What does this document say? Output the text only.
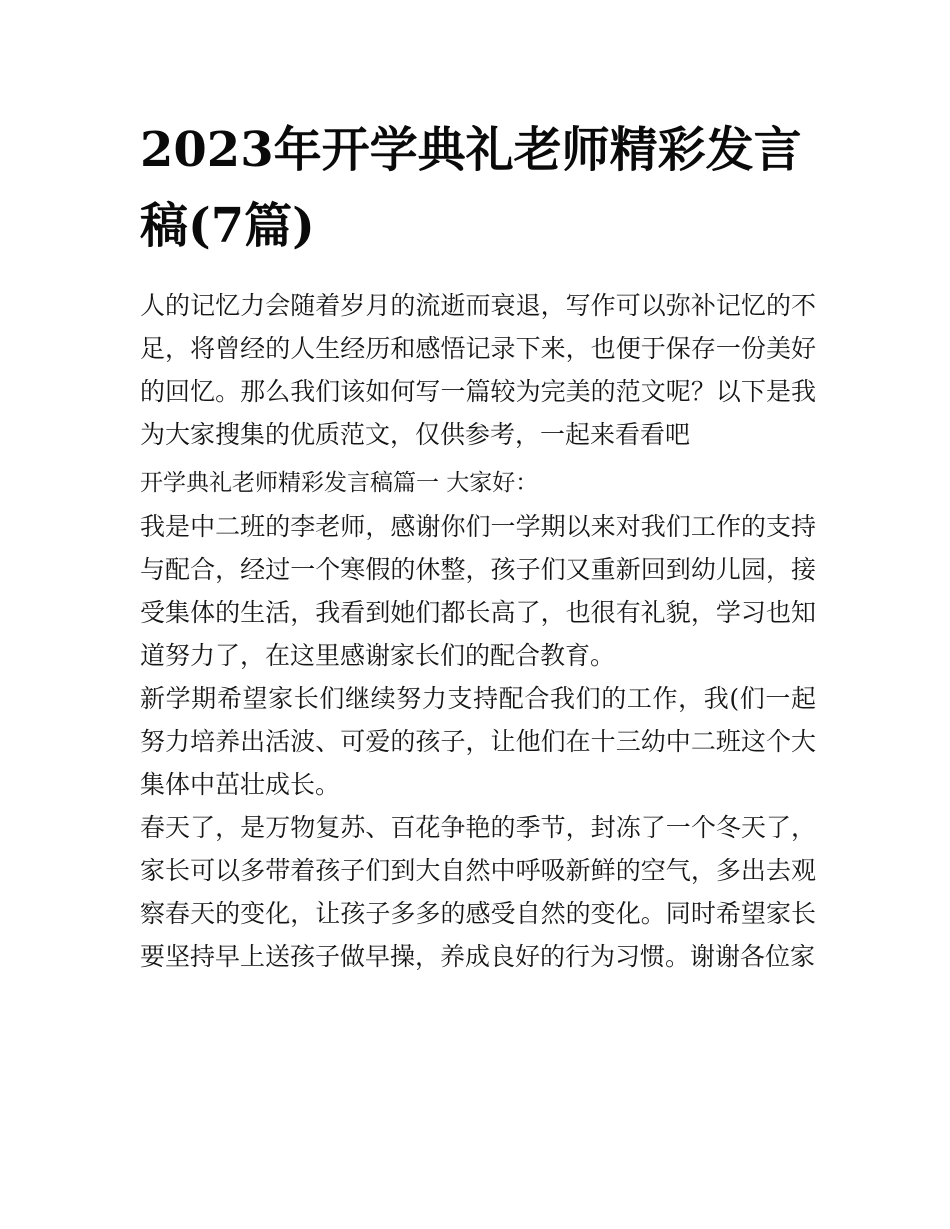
2023年开学典礼老师精彩发言稿(7篇)

人的记忆力会随着岁月的流逝而衰退，写作可以弥补记忆的不足，将曾经的人生经历和感悟记录下来，也便于保存一份美好的回忆。那么我们该如何写一篇较为完美的范文呢？以下是我为大家搜集的优质范文，仅供参考，一起来看看吧

开学典礼老师精彩发言稿篇一 大家好：

我是中二班的李老师，感谢你们一学期以来对我们工作的支持与配合，经过一个寒假的休整，孩子们又重新回到幼儿园，接受集体的生活，我看到她们都长高了，也很有礼貌，学习也知道努力了，在这里感谢家长们的配合教育。

新学期希望家长们继续努力支持配合我们的工作，我(们一起努力培养出活波、可爱的孩子，让他们在十三幼中二班这个大集体中茁壮成长。

春天了，是万物复苏、百花争艳的季节，封冻了一个冬天了，家长可以多带着孩子们到大自然中呼吸新鲜的空气，多出去观察春天的变化，让孩子多多的感受自然的变化。同时希望家长要坚持早上送孩子做早操，养成良好的行为习惯。谢谢各位家
